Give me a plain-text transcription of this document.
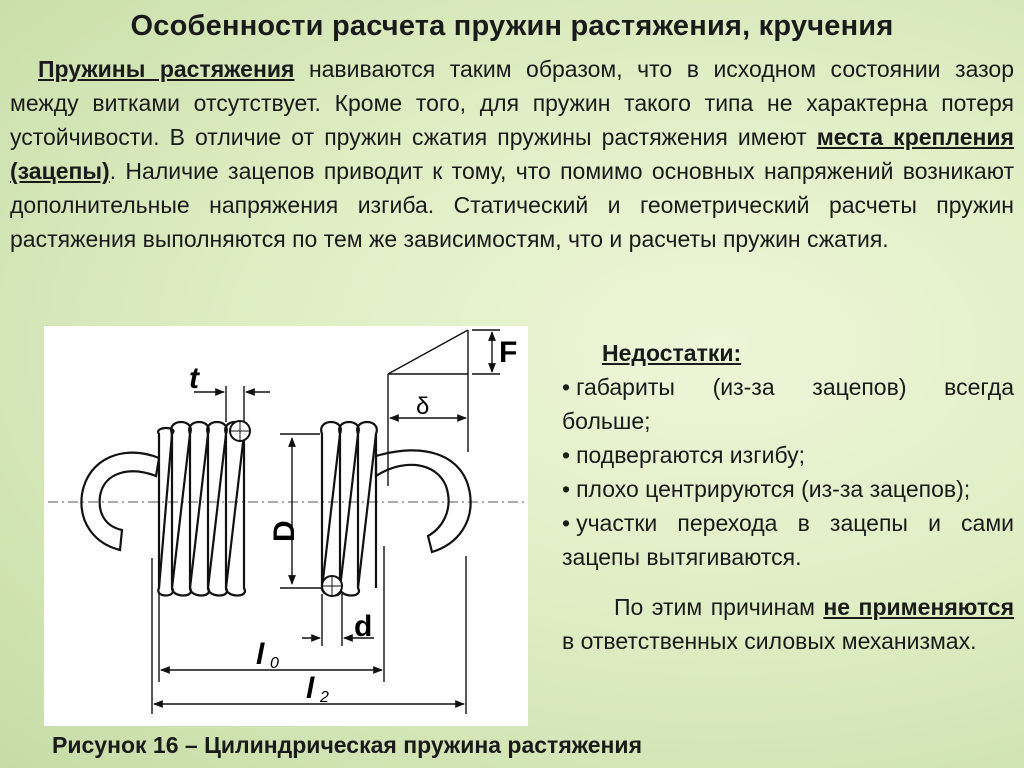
Особенности расчета пружин растяжения, кручения
Пружины растяжения навиваются таким образом, что в исходном состоянии зазор между витками отсутствует. Кроме того, для пружин такого типа не характерна потеря устойчивости. В отличие от пружин сжатия пружины растяжения имеют места крепления (зацепы). Наличие зацепов приводит к тому, что помимо основных напряжений возникают дополнительные напряжения изгиба. Статический и геометрический расчеты пружин растяжения выполняются по тем же зависимостям, что и расчеты пружин сжатия.
t
D
d
l 0
l 2
δ
F	Недостатки:
• габариты (из-за зацепов) всегда больше;
• подвергаются изгибу;
• плохо центрируются (из-за зацепов);
• участки перехода в зацепы и сами зацепы вытягиваются.
По этим причинам не применяются в ответственных силовых механизмах.
Рисунок 16 – Цилиндрическая пружина растяжения
